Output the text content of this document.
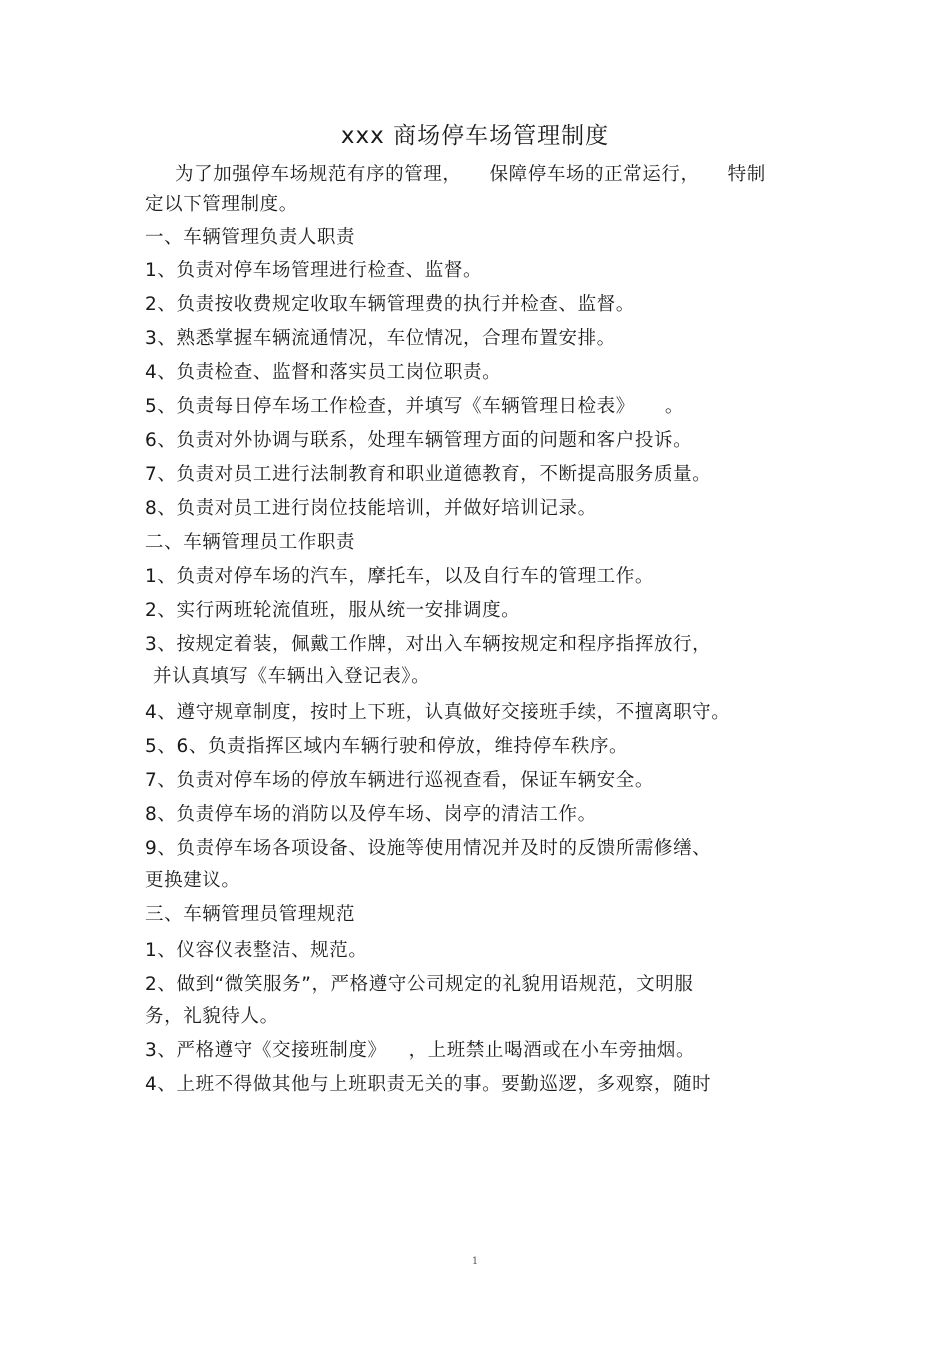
xxx 商场停车场管理制度
为了加强停车场规范有序的管理， 保障停车场的正常运行， 特制
定以下管理制度。
一、车辆管理负责人职责
1、负责对停车场管理进行检查、监督。
2、负责按收费规定收取车辆管理费的执行并检查、监督。
3、熟悉掌握车辆流通情况，车位情况，合理布置安排。
4、负责检查、监督和落实员工岗位职责。
5、负责每日停车场工作检查，并填写《车辆管理日检表》 。
6、负责对外协调与联系，处理车辆管理方面的问题和客户投诉。
7、负责对员工进行法制教育和职业道德教育，不断提高服务质量。
8、负责对员工进行岗位技能培训，并做好培训记录。
二、车辆管理员工作职责
1、负责对停车场的汽车，摩托车，以及自行车的管理工作。
2、实行两班轮流值班，服从统一安排调度。
3、按规定着装，佩戴工作牌，对出入车辆按规定和程序指挥放行，
并认真填写《车辆出入登记表》。
4、遵守规章制度，按时上下班，认真做好交接班手续，不擅离职守。
5、6、负责指挥区域内车辆行驶和停放，维持停车秩序。
7、负责对停车场的停放车辆进行巡视查看，保证车辆安全。
8、负责停车场的消防以及停车场、岗亭的清洁工作。
9、负责停车场各项设备、设施等使用情况并及时的反馈所需修缮、
更换建议。
三、车辆管理员管理规范
1、仪容仪表整洁、规范。
2、做到“微笑服务”，严格遵守公司规定的礼貌用语规范，文明服
务，礼貌待人。
3、严格遵守《交接班制度》 ，上班禁止喝酒或在小车旁抽烟。
4、上班不得做其他与上班职责无关的事。要勤巡逻，多观察，随时
1
